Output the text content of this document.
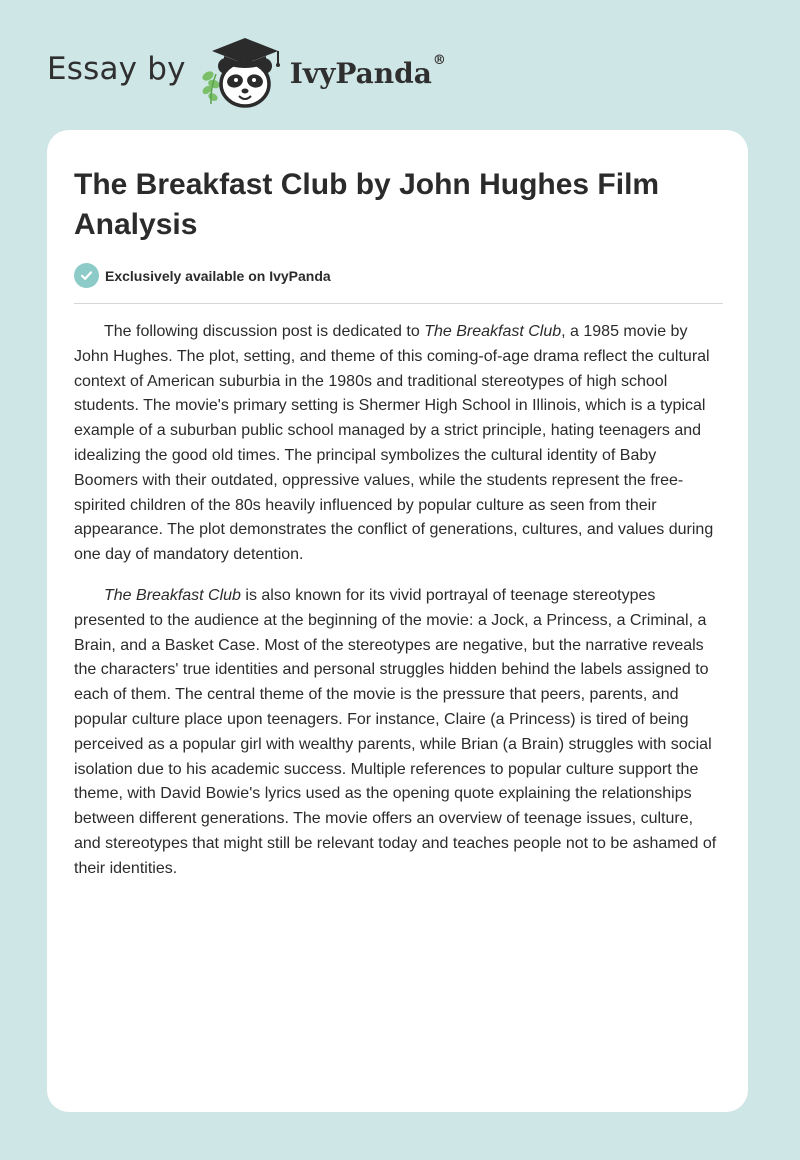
Essay by	IvyPanda®
The Breakfast Club by John Hughes Film Analysis
Exclusively available on IvyPanda

The following discussion post is dedicated to The Breakfast Club, a 1985 movie by John Hughes. The plot, setting, and theme of this coming-of-age drama reflect the cultural context of American suburbia in the 1980s and traditional stereotypes of high school students. The movie's primary setting is Shermer High School in Illinois, which is a typical example of a suburban public school managed by a strict principle, hating teenagers and idealizing the good old times. The principal symbolizes the cultural identity of Baby Boomers with their outdated, oppressive values, while the students represent the free-spirited children of the 80s heavily influenced by popular culture as seen from their appearance. The plot demonstrates the conflict of generations, cultures, and values during one day of mandatory detention.

The Breakfast Club is also known for its vivid portrayal of teenage stereotypes presented to the audience at the beginning of the movie: a Jock, a Princess, a Criminal, a Brain, and a Basket Case. Most of the stereotypes are negative, but the narrative reveals the characters' true identities and personal struggles hidden behind the labels assigned to each of them. The central theme of the movie is the pressure that peers, parents, and popular culture place upon teenagers. For instance, Claire (a Princess) is tired of being perceived as a popular girl with wealthy parents, while Brian (a Brain) struggles with social isolation due to his academic success. Multiple references to popular culture support the theme, with David Bowie's lyrics used as the opening quote explaining the relationships between different generations. The movie offers an overview of teenage issues, culture, and stereotypes that might still be relevant today and teaches people not to be ashamed of their identities.
